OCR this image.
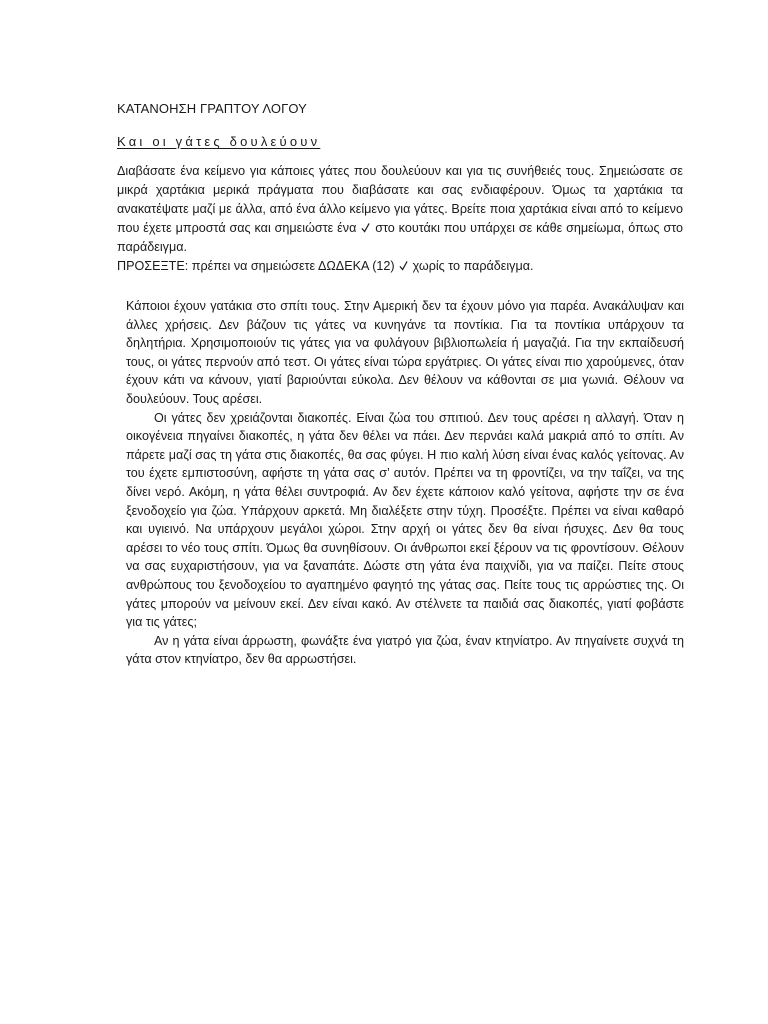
ΚΑΤΑΝΟΗΣΗ ΓΡΑΠΤΟΥ ΛΟΓΟΥ
Και οι γάτες δουλεύουν

Διαβάσατε ένα κείμενο για κάποιες γάτες που δουλεύουν και για τις συνήθειές τους. Σημειώσατε σε μικρά χαρτάκια μερικά πράγματα που διαβάσατε και σας ενδιαφέρουν. Όμως τα χαρτάκια τα ανακατέψατε μαζί με άλλα, από ένα άλλο κείμενο για γάτες. Βρείτε ποια χαρτάκια είναι από το κείμενο που έχετε μπροστά σας και σημειώστε ένα στο κουτάκι που υπάρχει σε κάθε σημείωμα, όπως στο παράδειγμα.

ΠΡΟΣΕΞΤΕ: πρέπει να σημειώσετε ΔΩΔΕΚΑ (12) χωρίς το παράδειγμα.

Κάποιοι έχουν γατάκια στο σπίτι τους. Στην Αμερική δεν τα έχουν μόνο για παρέα. Ανακάλυψαν και άλλες χρήσεις. Δεν βάζουν τις γάτες να κυνηγάνε τα ποντίκια. Για τα ποντίκια υπάρχουν τα δηλητήρια. Χρησιμοποιούν τις γάτες για να φυλάγουν βιβλιοπωλεία ή μαγαζιά. Για την εκπαίδευσή τους, οι γάτες περνούν από τεστ. Οι γάτες είναι τώρα εργάτριες. Οι γάτες είναι πιο χαρούμενες, όταν έχουν κάτι να κάνουν, γιατί βαριούνται εύκολα. Δεν θέλουν να κάθονται σε μια γωνιά. Θέλουν να δουλεύουν. Τους αρέσει.

Οι γάτες δεν χρειάζονται διακοπές. Είναι ζώα του σπιτιού. Δεν τους αρέσει η αλλαγή. Όταν η οικογένεια πηγαίνει διακοπές, η γάτα δεν θέλει να πάει. Δεν περνάει καλά μακριά από το σπίτι. Αν πάρετε μαζί σας τη γάτα στις διακοπές, θα σας φύγει. Η πιο καλή λύση είναι ένας καλός γείτονας. Αν του έχετε εμπιστοσύνη, αφήστε τη γάτα σας σ’ αυτόν. Πρέπει να τη φροντίζει, να την ταΐζει, να της δίνει νερό. Ακόμη, η γάτα θέλει συντροφιά. Αν δεν έχετε κάποιον καλό γείτονα, αφήστε την σε ένα ξενοδοχείο για ζώα. Υπάρχουν αρκετά. Μη διαλέξετε στην τύχη. Προσέξτε. Πρέπει να είναι καθαρό και υγιεινό. Να υπάρχουν μεγάλοι χώροι. Στην αρχή οι γάτες δεν θα είναι ήσυχες. Δεν θα τους αρέσει το νέο τους σπίτι. Όμως θα συνηθίσουν. Οι άνθρωποι εκεί ξέρουν να τις φροντίσουν. Θέλουν να σας ευχαριστήσουν, για να ξαναπάτε. Δώστε στη γάτα ένα παιχνίδι, για να παίζει. Πείτε στους ανθρώπους του ξενοδοχείου το αγαπημένο φαγητό της γάτας σας. Πείτε τους τις αρρώστιες της. Οι γάτες μπορούν να μείνουν εκεί. Δεν είναι κακό. Αν στέλνετε τα παιδιά σας διακοπές, γιατί φοβάστε για τις γάτες;

Αν η γάτα είναι άρρωστη, φωνάξτε ένα γιατρό για ζώα, έναν κτηνίατρο. Αν πηγαίνετε συχνά τη γάτα στον κτηνίατρο, δεν θα αρρωστήσει.
